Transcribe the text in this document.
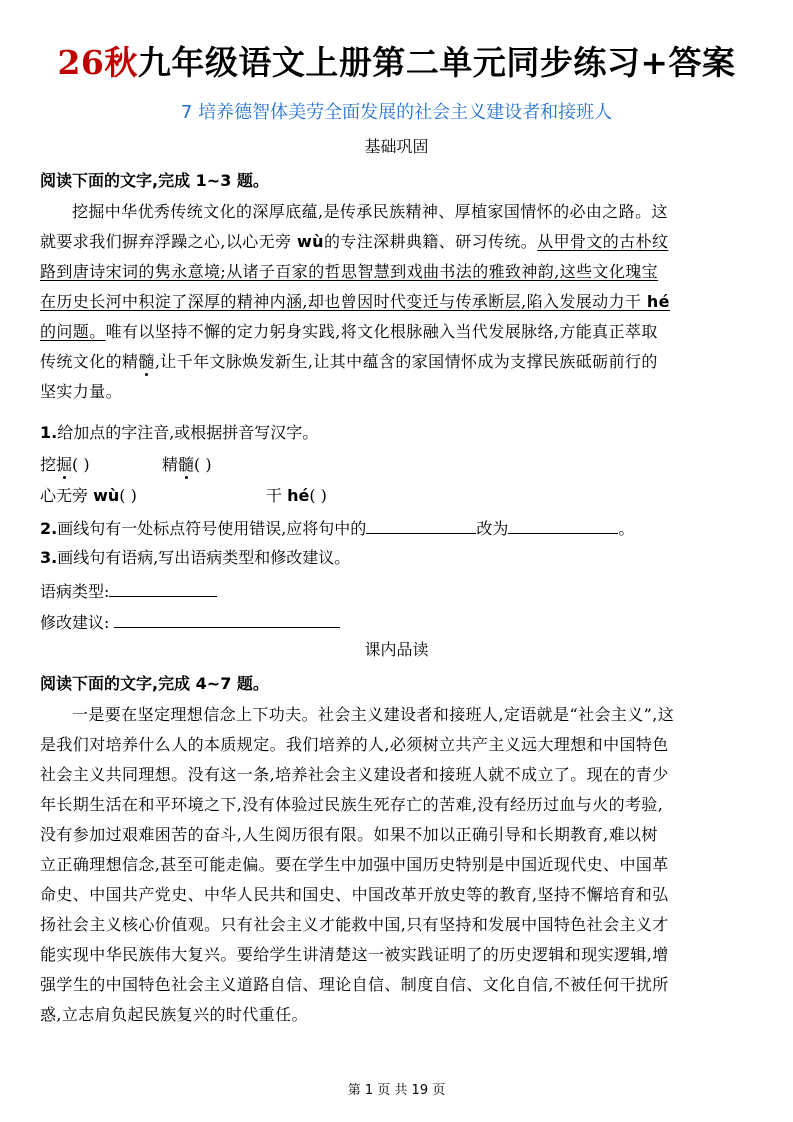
26秋九年级语文上册第二单元同步练习+答案
7 培养德智体美劳全面发展的社会主义建设者和接班人
基础巩固
阅读下面的文字,完成 1~3 题。
挖掘中华优秀传统文化的深厚底蕴,是传承民族精神、厚植家国情怀的必由之路。这
就要求我们摒弃浮躁之心,以心无旁 wù的专注深耕典籍、研习传统。从甲骨文的古朴纹
路到唐诗宋词的隽永意境;从诸子百家的哲思智慧到戏曲书法的雅致神韵,这些文化瑰宝
在历史长河中积淀了深厚的精神内涵,却也曾因时代变迁与传承断层,陷入发展动力干 hé
的问题。唯有以坚持不懈的定力躬身实践,将文化根脉融入当代发展脉络,方能真正萃取
传统文化的精髓,让千年文脉焕发新生,让其中蕴含的家国情怀成为支撑民族砥砺前行的
坚实力量。
1.给加点的字注音,或根据拼音写汉字。
挖掘( )	精髓( )
心无旁 wù( )	干 hé( )
2.画线句有一处标点符号使用错误,应将句中的	改为	。
3.画线句有语病,写出语病类型和修改建议。
语病类型:
修改建议:
课内品读
阅读下面的文字,完成 4~7 题。
一是要在坚定理想信念上下功夫。社会主义建设者和接班人,定语就是“社会主义”,这
是我们对培养什么人的本质规定。我们培养的人,必须树立共产主义远大理想和中国特色
社会主义共同理想。没有这一条,培养社会主义建设者和接班人就不成立了。现在的青少
年长期生活在和平环境之下,没有体验过民族生死存亡的苦难,没有经历过血与火的考验,
没有参加过艰难困苦的奋斗,人生阅历很有限。如果不加以正确引导和长期教育,难以树
立正确理想信念,甚至可能走偏。要在学生中加强中国历史特别是中国近现代史、中国革
命史、中国共产党史、中华人民共和国史、中国改革开放史等的教育,坚持不懈培育和弘
扬社会主义核心价值观。只有社会主义才能救中国,只有坚持和发展中国特色社会主义才
能实现中华民族伟大复兴。要给学生讲清楚这一被实践证明了的历史逻辑和现实逻辑,增
强学生的中国特色社会主义道路自信、理论自信、制度自信、文化自信,不被任何干扰所
惑,立志肩负起民族复兴的时代重任。
第 1 页 共 19 页
